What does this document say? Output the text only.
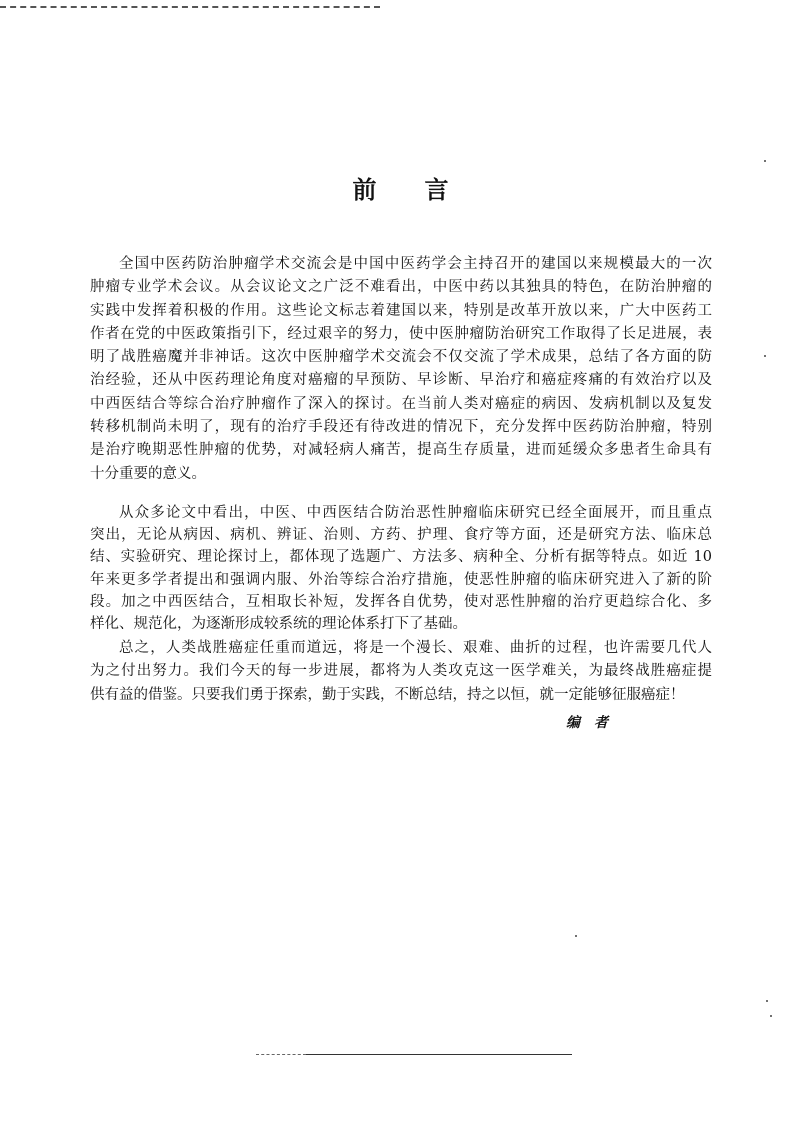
前 言
全国中医药防治肿瘤学术交流会是中国中医药学会主持召开的建国以来规模最大的一次
肿瘤专业学术会议。从会议论文之广泛不难看出，中医中药以其独具的特色，在防治肿瘤的
实践中发挥着积极的作用。这些论文标志着建国以来，特别是改革开放以来，广大中医药工
作者在党的中医政策指引下，经过艰辛的努力，使中医肿瘤防治研究工作取得了长足进展，表
明了战胜癌魔并非神话。这次中医肿瘤学术交流会不仅交流了学术成果，总结了各方面的防
治经验，还从中医药理论角度对癌瘤的早预防、早诊断、早治疗和癌症疼痛的有效治疗以及
中西医结合等综合治疗肿瘤作了深入的探讨。在当前人类对癌症的病因、发病机制以及复发
转移机制尚未明了，现有的治疗手段还有待改进的情况下，充分发挥中医药防治肿瘤，特别
是治疗晚期恶性肿瘤的优势，对减轻病人痛苦，提高生存质量，进而延缓众多患者生命具有
十分重要的意义。
从众多论文中看出，中医、中西医结合防治恶性肿瘤临床研究已经全面展开，而且重点
突出，无论从病因、病机、辨证、治则、方药、护理、食疗等方面，还是研究方法、临床总
结、实验研究、理论探讨上，都体现了选题广、方法多、病种全、分析有据等特点。如近 10
年来更多学者提出和强调内服、外治等综合治疗措施，使恶性肿瘤的临床研究进入了新的阶
段。加之中西医结合，互相取长补短，发挥各自优势，使对恶性肿瘤的治疗更趋综合化、多
样化、规范化，为逐渐形成较系统的理论体系打下了基础。
总之，人类战胜癌症任重而道远，将是一个漫长、艰难、曲折的过程，也许需要几代人
为之付出努力。我们今天的每一步进展，都将为人类攻克这一医学难关，为最终战胜癌症提
供有益的借鉴。只要我们勇于探索，勤于实践，不断总结，持之以恒，就一定能够征服癌症！
编者
